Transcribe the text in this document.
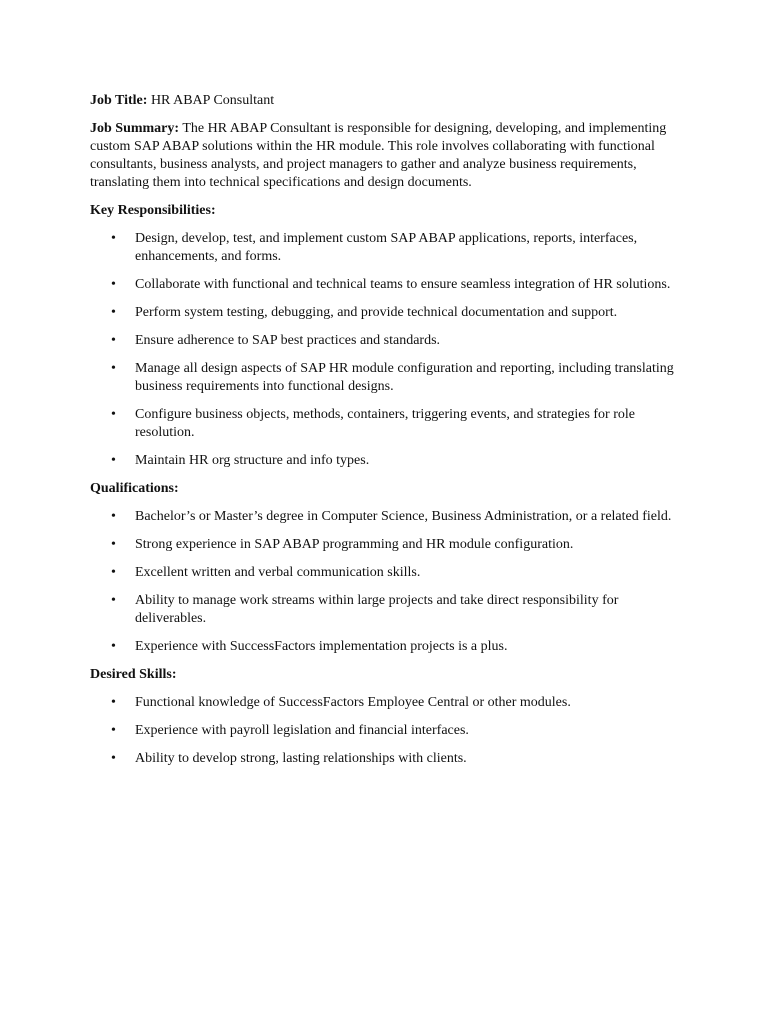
Job Title: HR ABAP Consultant

Job Summary: The HR ABAP Consultant is responsible for designing, developing, and implementing custom SAP ABAP solutions within the HR module. This role involves collaborating with functional consultants, business analysts, and project managers to gather and analyze business requirements, translating them into technical specifications and design documents.

Key Responsibilities:
• Design, develop, test, and implement custom SAP ABAP applications, reports, interfaces, enhancements, and forms.
• Collaborate with functional and technical teams to ensure seamless integration of HR solutions.
• Perform system testing, debugging, and provide technical documentation and support.
• Ensure adherence to SAP best practices and standards.
• Manage all design aspects of SAP HR module configuration and reporting, including translating business requirements into functional designs.
• Configure business objects, methods, containers, triggering events, and strategies for role resolution.
• Maintain HR org structure and info types.
Qualifications:
• Bachelor’s or Master’s degree in Computer Science, Business Administration, or a related field.
• Strong experience in SAP ABAP programming and HR module configuration.
• Excellent written and verbal communication skills.
• Ability to manage work streams within large projects and take direct responsibility for deliverables.
• Experience with SuccessFactors implementation projects is a plus.
Desired Skills:
• Functional knowledge of SuccessFactors Employee Central or other modules.
• Experience with payroll legislation and financial interfaces.
• Ability to develop strong, lasting relationships with clients.
